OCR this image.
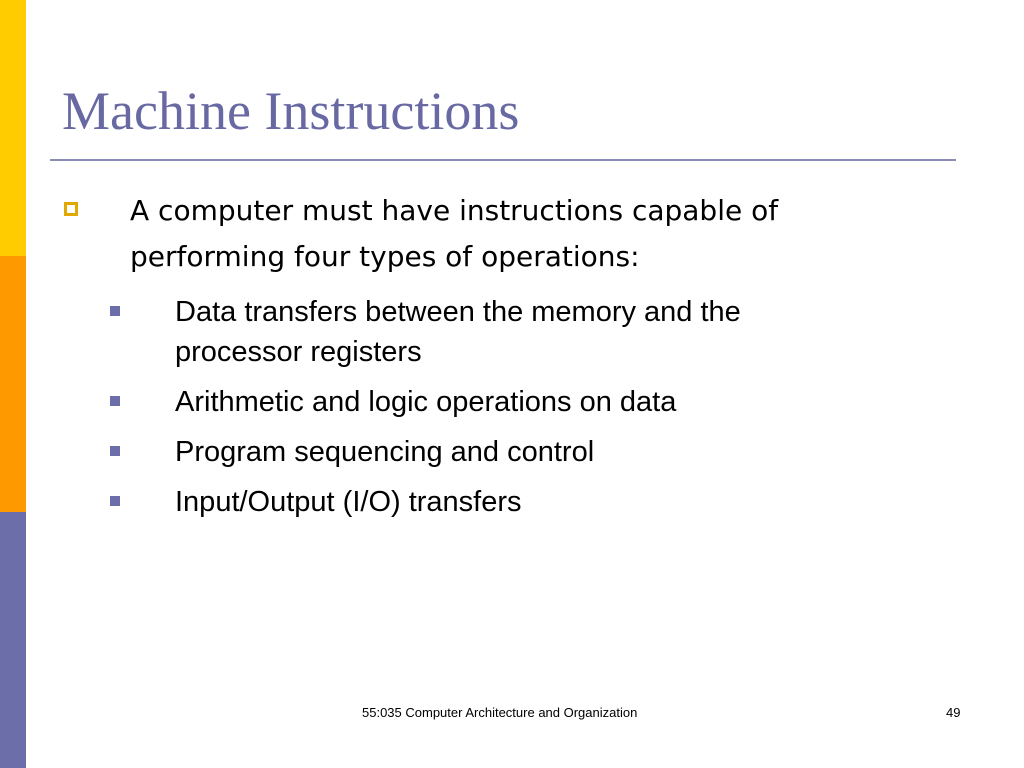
Machine Instructions

A computer must have instructions capable of performing four types of operations:

Data transfers between the memory and the processor registers
Arithmetic and logic operations on data
Program sequencing and control
Input/Output (I/O) transfers
55:035 Computer Architecture and Organization	49
